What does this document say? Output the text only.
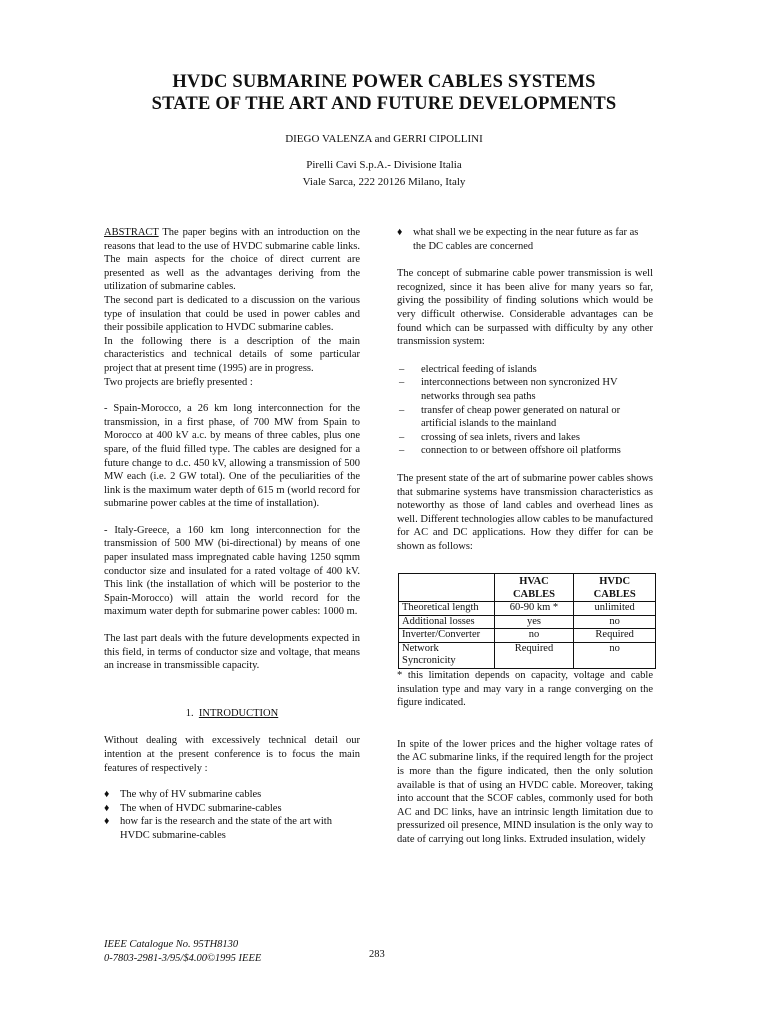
HVDC SUBMARINE POWER CABLES SYSTEMS
STATE OF THE ART AND FUTURE DEVELOPMENTS
DIEGO VALENZA and GERRI CIPOLLINI
Pirelli Cavi S.p.A.- Divisione Italia
Viale Sarca, 222 20126 Milano, Italy

ABSTRACT The paper begins with an introduction on the reasons that lead to the use of HVDC submarine cable links. The main aspects for the choice of direct current are presented as well as the advantages deriving from the utilization of submarine cables.

The second part is dedicated to a discussion on the various type of insulation that could be used in power cables and their possibile application to HVDC submarine cables.

In the following there is a description of the main characteristics and technical details of some particular project that at present time (1995) are in progress.

Two projects are briefly presented :

- Spain-Morocco, a 26 km long interconnection for the transmission, in a first phase, of 700 MW from Spain to Morocco at 400 kV a.c. by means of three cables, plus one spare, of the fluid filled type. The cables are designed for a future change to d.c. 450 kV, allowing a transmission of 500 MW each (i.e. 2 GW total). One of the peculiarities of the link is the maximum water depth of 615 m (world record for submarine power cables at the time of installation).

- Italy-Greece, a 160 km long interconnection for the transmission of 500 MW (bi-directional) by means of one paper insulated mass impregnated cable having 1250 sqmm conductor size and insulated for a rated voltage of 400 kV. This link (the installation of which will be posterior to the Spain-Morocco) will attain the world record for the maximum water depth for submarine power cables: 1000 m.

The last part deals with the future developments expected in this field, in terms of conductor size and voltage, that means an increase in transmissible capacity.

1. INTRODUCTION

Without dealing with excessively technical detail our intention at the present conference is to focus the main features of respectively :

♦ The why of HV submarine cables
♦ The when of HVDC submarine-cables
♦ how far is the research and the state of the art with HVDC submarine-cables
♦ what shall we be expecting in the near future as far as the DC cables are concerned

The concept of submarine cable power transmission is well recognized, since it has been alive for many years so far, giving the possibility of finding solutions which would be very difficult otherwise. Considerable advantages can be found which can be surpassed with difficulty by any other transmission system:

– electrical feeding of islands
– interconnections between non syncronized HV networks through sea paths
– transfer of cheap power generated on natural or artificial islands to the mainland
– crossing of sea inlets, rivers and lakes
– connection to or between offshore oil platforms

The present state of the art of submarine power cables shows that submarine systems have transmission characteristics as noteworthy as those of land cables and overhead lines as well. Different technologies allow cables to be manufactured for AC and DC applications. How they differ for can be shown as follows:

	HVAC CABLES	HVDC CABLES
Theoretical length	60-90 km *	unlimited
Additional losses	yes	no
Inverter/Converter	no	Required
Network Syncronicity	Required	no

* this limitation depends on capacity, voltage and cable insulation type and may vary in a range converging on the figure indicated.

In spite of the lower prices and the higher voltage rates of the AC submarine links, if the required length for the project is more than the figure indicated, then the only solution available is that of using an HVDC cable. Moreover, taking into account that the SCOF cables, commonly used for both AC and DC links, have an intrinsic length limitation due to pressurized oil presence, MIND insulation is the only way to date of carrying out long links. Extruded insulation, widely

IEEE Catalogue No. 95TH8130
0-7803-2981-3/95/$4.00©1995 IEEE	283
